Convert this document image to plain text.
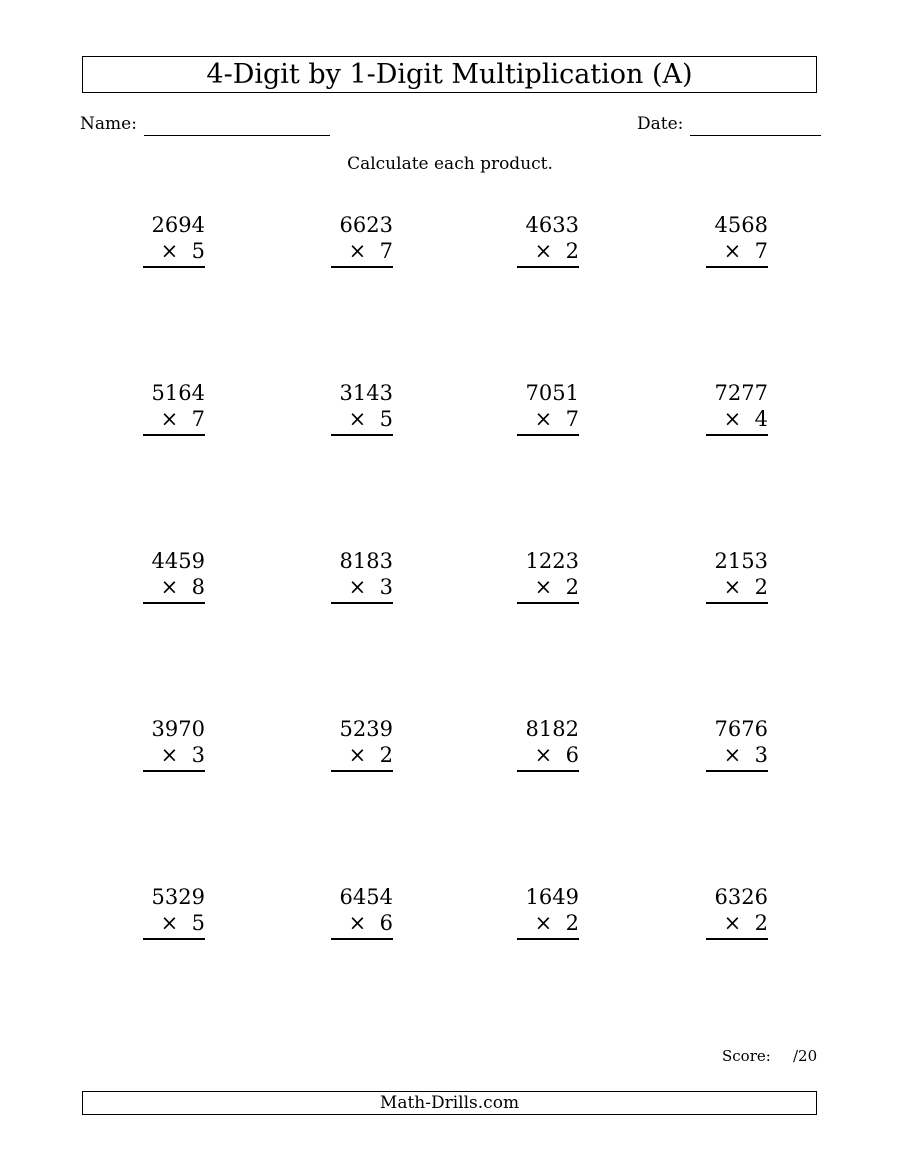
4-Digit by 1-Digit Multiplication (A)
Name:	Date:
Calculate each product.
2694
× 5
6623
× 7
4633
× 2
4568
× 7
5164
× 7
3143
× 5
7051
× 7
7277
× 4
4459
× 8
8183
× 3
1223
× 2
2153
× 2
3970
× 3
5239
× 2
8182
× 6
7676
× 3
5329
× 5
6454
× 6
1649
× 2
6326
× 2
Score: /20
Math-Drills.com
